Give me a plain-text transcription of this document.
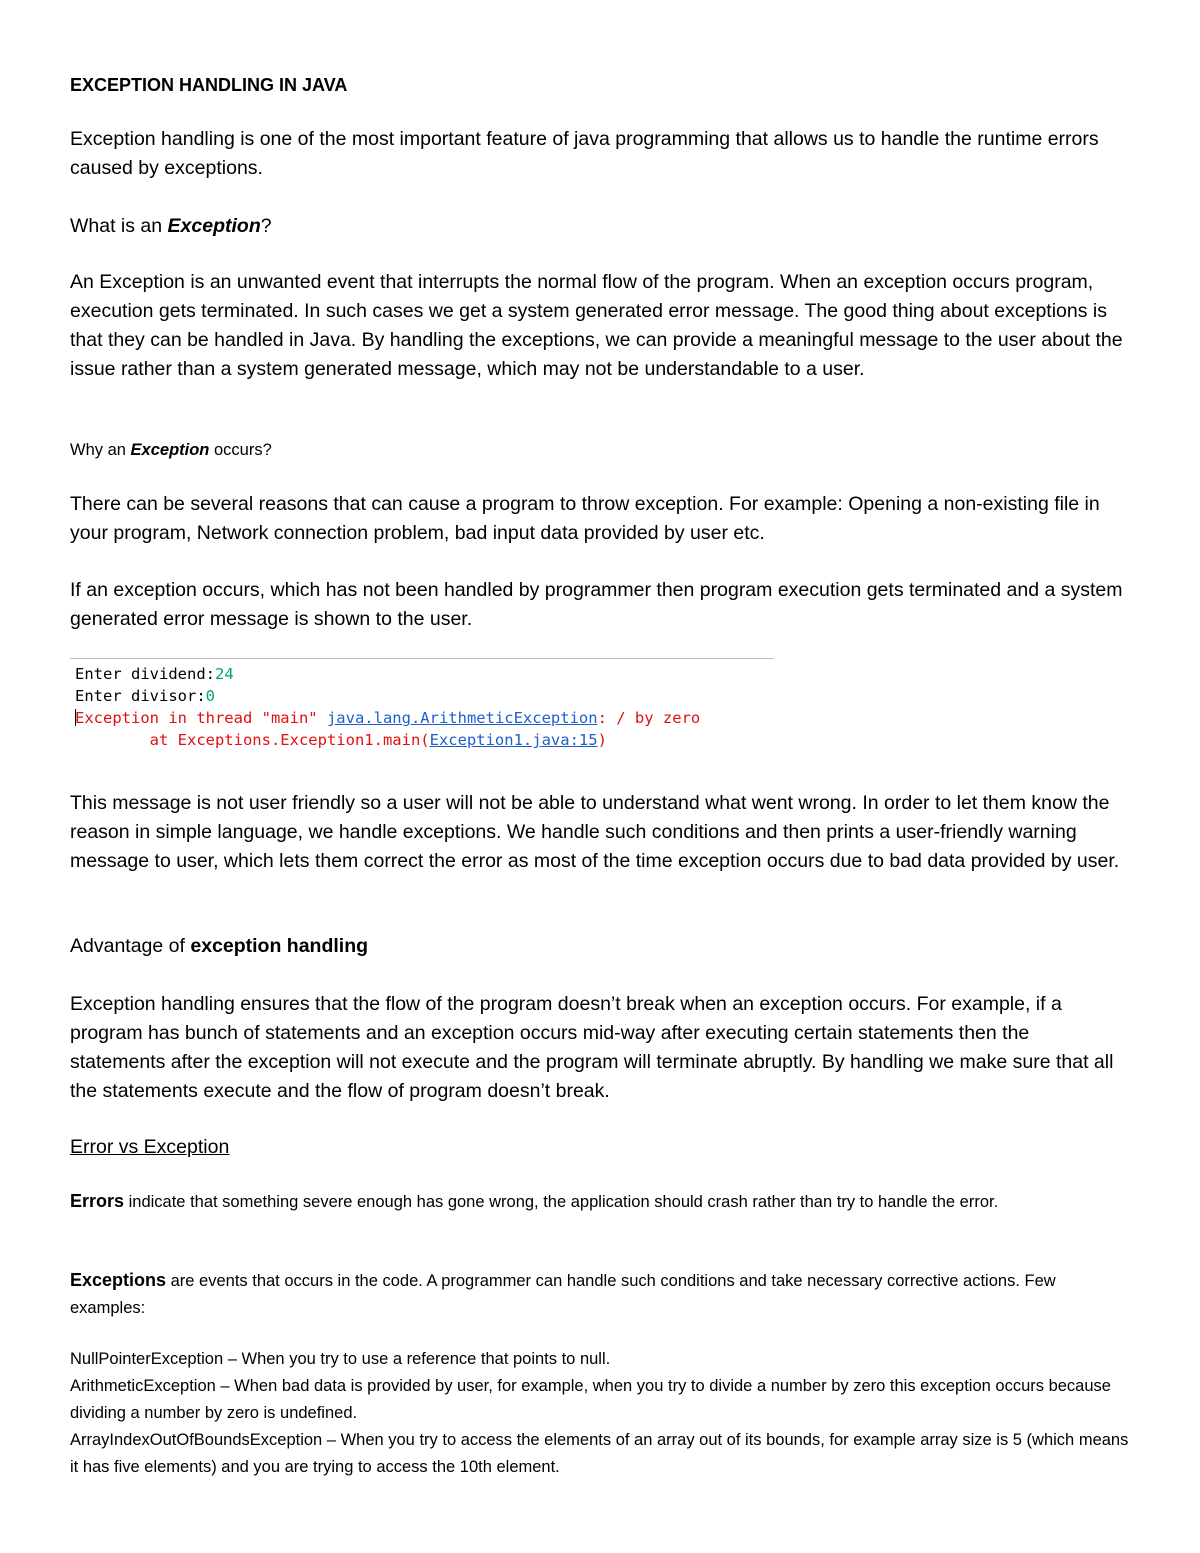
EXCEPTION HANDLING IN JAVA

Exception handling is one of the most important feature of java programming that allows us to handle the runtime errors caused by exceptions.

What is an Exception?

An Exception is an unwanted event that interrupts the normal flow of the program. When an exception occurs program, execution gets terminated. In such cases we get a system generated error message. The good thing about exceptions is that they can be handled in Java. By handling the exceptions, we can provide a meaningful message to the user about the issue rather than a system generated message, which may not be understandable to a user.

Why an Exception occurs?

There can be several reasons that can cause a program to throw exception. For example: Opening a non-existing file in your program, Network connection problem, bad input data provided by user etc.

If an exception occurs, which has not been handled by programmer then program execution gets terminated and a system generated error message is shown to the user.

Enter dividend:24
Enter divisor:0
Exception in thread "main" java.lang.ArithmeticException: / by zero
at Exceptions.Exception1.main(Exception1.java:15)

This message is not user friendly so a user will not be able to understand what went wrong. In order to let them know the reason in simple language, we handle exceptions. We handle such conditions and then prints a user-friendly warning message to user, which lets them correct the error as most of the time exception occurs due to bad data provided by user.

Advantage of exception handling

Exception handling ensures that the flow of the program doesn’t break when an exception occurs. For example, if a program has bunch of statements and an exception occurs mid-way after executing certain statements then the statements after the exception will not execute and the program will terminate abruptly. By handling we make sure that all the statements execute and the flow of program doesn’t break.

Error vs Exception

Errors indicate that something severe enough has gone wrong, the application should crash rather than try to handle the error.

Exceptions are events that occurs in the code. A programmer can handle such conditions and take necessary corrective actions. Few examples:

NullPointerException – When you try to use a reference that points to null.
ArithmeticException – When bad data is provided by user, for example, when you try to divide a number by zero this exception occurs because dividing a number by zero is undefined.
ArrayIndexOutOfBoundsException – When you try to access the elements of an array out of its bounds, for example array size is 5 (which means it has five elements) and you are trying to access the 10th element.
